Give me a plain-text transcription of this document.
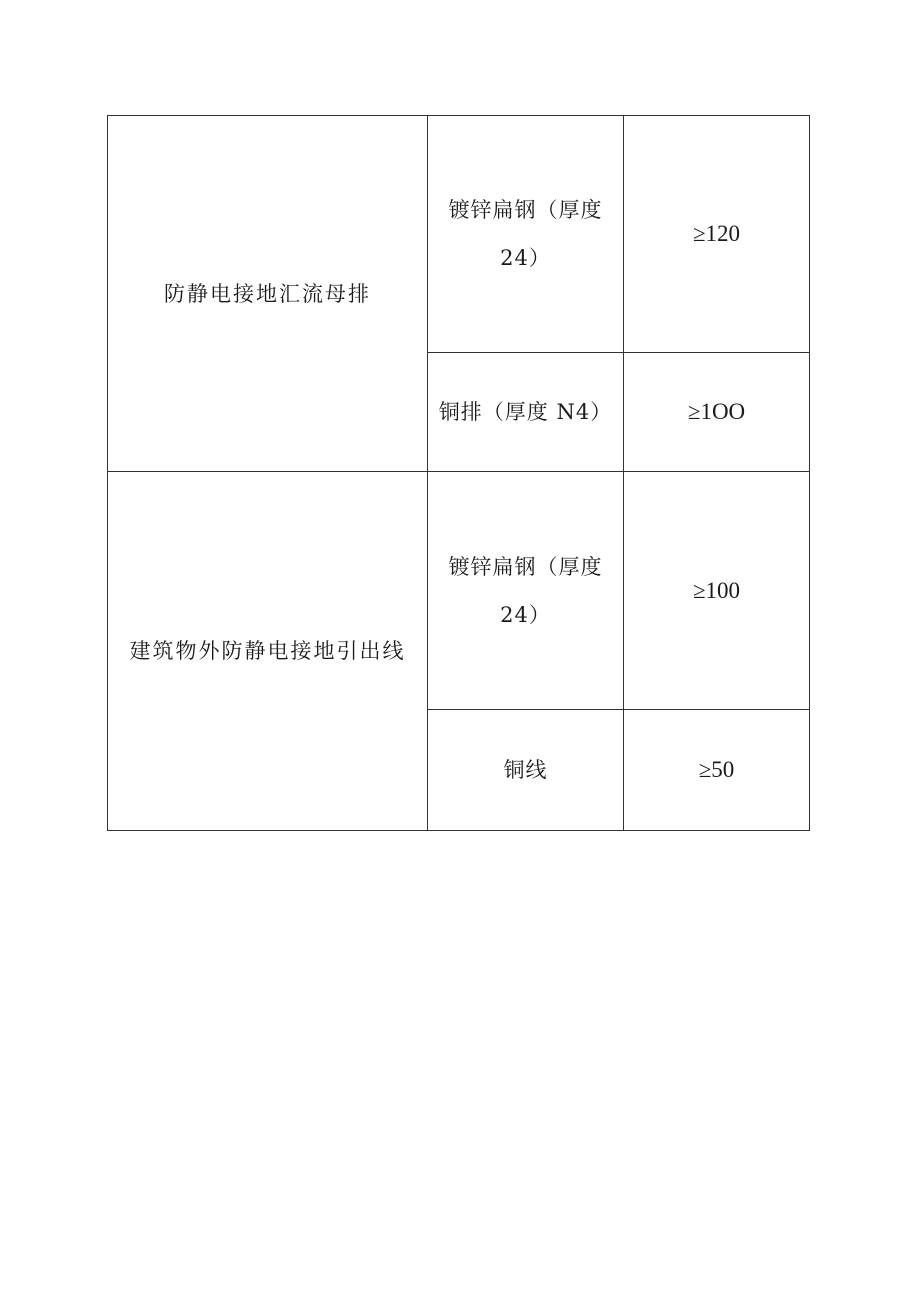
防静电接地汇流母排	镀锌扁钢（厚度 24）	≥120
	铜排（厚度 N4）	≥1OO
建筑物外防静电接地引出线	镀锌扁钢（厚度 24）	≥100
	铜线	≥50
